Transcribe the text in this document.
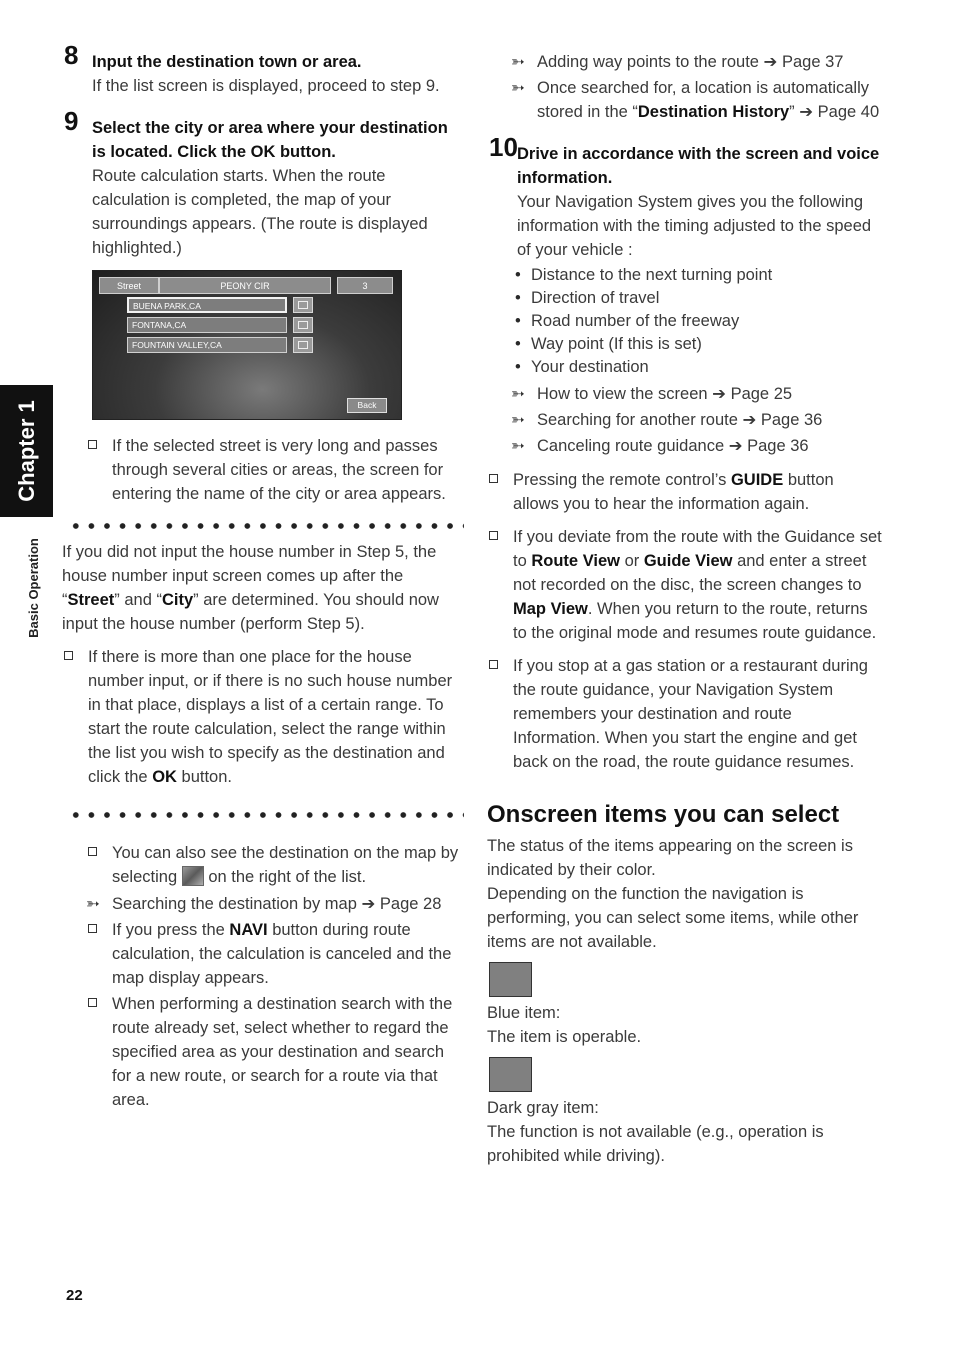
Chapter 1
Basic Operation
8 Input the destination town or area.

If the list screen is displayed, proceed to step 9.

9 Select the city or area where your destination is located. Click the OK button.

Route calculation starts. When the route calculation is completed, the map of your surroundings appears. (The route is displayed highlighted.)

Street	PEONY CIR	3
BUENA PARK,CA
FONTANA,CA
FOUNTAIN VALLEY,CA
Back

If the selected street is very long and passes through several cities or areas, the screen for entering the name of the city or area appears.

If you did not input the house number in Step 5, the house number input screen comes up after the “Street” and “City” are determined. You should now input the house number (perform Step 5).

If there is more than one place for the house number input, or if there is no such house number in that place, displays a list of a certain range. To start the route calculation, select the range within the list you wish to specify as the destination and click the OK button.

You can also see the destination on the map by selecting on the right of the list.

➳ Searching the destination by map ➔ Page 28

If you press the NAVI button during route calculation, the calculation is canceled and the map display appears.

When performing a destination search with the route already set, select whether to regard the specified area as your destination and search for a new route, or search for a route via that area.

➳ Adding way points to the route ➔ Page 37

➳ Once searched for, a location is automatically stored in the “Destination History” ➔ Page 40

10 Drive in accordance with the screen and voice information.

Your Navigation System gives you the following information with the timing adjusted to the speed of your vehicle :

• Distance to the next turning point
• Direction of travel
• Road number of the freeway
• Way point (If this is set)
• Your destination
➳ How to view the screen ➔ Page 25
➳ Searching for another route ➔ Page 36
➳ Canceling route guidance ➔ Page 36

Pressing the remote control’s GUIDE button allows you to hear the information again.

If you deviate from the route with the Guidance set to Route View or Guide View and enter a street not recorded on the disc, the screen changes to Map View. When you return to the route, returns to the original mode and resumes route guidance.

If you stop at a gas station or a restaurant during the route guidance, your Navigation System remembers your destination and route Information. When you start the engine and get back on the road, the route guidance resumes.

Onscreen items you can select

The status of the items appearing on the screen is indicated by their color.

Depending on the function the navigation is performing, you can select some items, while other items are not available.

Blue item:

The item is operable.

Dark gray item:

The function is not available (e.g., operation is prohibited while driving).

22
